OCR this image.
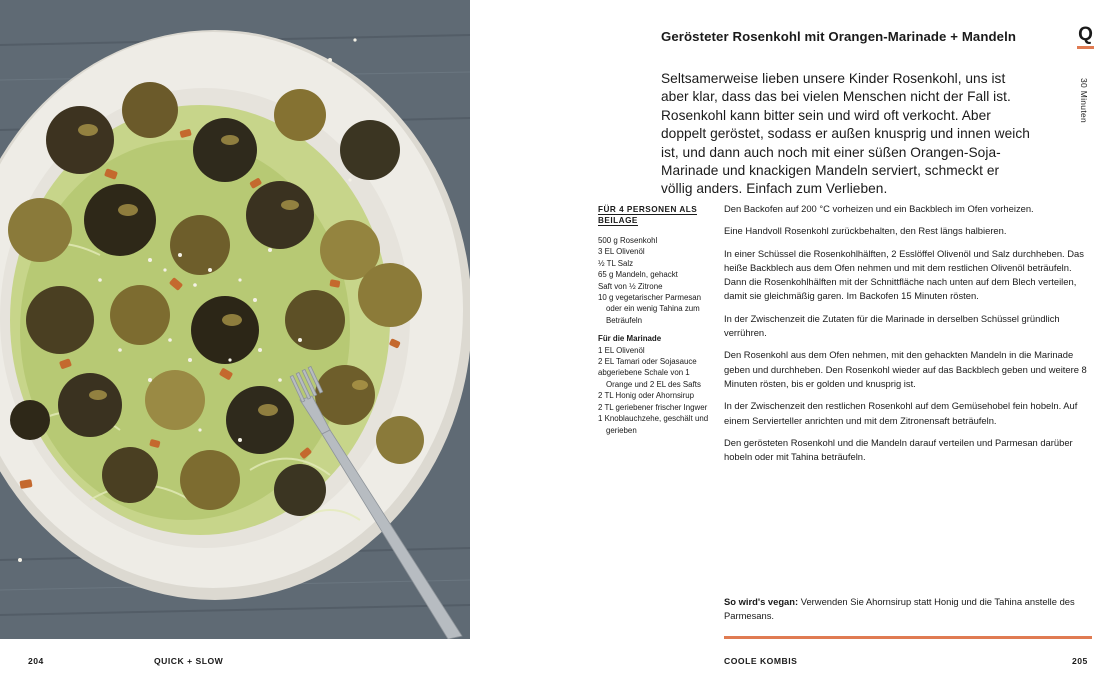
Gerösteter Rosenkohl mit Orangen-Marinade + Mandeln	Q
30 Minuten

Seltsamerweise lieben unsere Kinder Rosenkohl, uns ist aber klar, dass das bei vielen Menschen nicht der Fall ist. Rosenkohl kann bitter sein und wird oft verkocht. Aber doppelt geröstet, sodass er außen knusprig und innen weich ist, und dann auch noch mit einer süßen Orangen-Soja-Marinade und knackigen Mandeln serviert, schmeckt er völlig anders. Einfach zum Verlieben.

FÜR 4 PERSONEN ALS BEILAGE
500 g Rosenkohl
3 EL Olivenöl
½ TL Salz
65 g Mandeln, gehackt
Saft von ½ Zitrone
10 g vegetarischer Parmesan oder ein wenig Tahina zum Beträufeln
Für die Marinade
1 EL Olivenöl
2 EL Tamari oder Sojasauce
abgeriebene Schale von 1 Orange und 2 EL des Safts
2 TL Honig oder Ahornsirup
2 TL geriebener frischer Ingwer
1 Knoblauchzehe, geschält und gerieben

Den Backofen auf 200 °C vorheizen und ein Backblech im Ofen vorheizen.

Eine Handvoll Rosenkohl zurückbehalten, den Rest längs halbieren.

In einer Schüssel die Rosenkohlhälften, 2 Esslöffel Olivenöl und Salz durchheben. Das heiße Backblech aus dem Ofen nehmen und mit dem restlichen Olivenöl beträufeln. Dann die Rosenkohlhälften mit der Schnittfläche nach unten auf dem Blech verteilen, damit sie gleichmäßig garen. Im Backofen 15 Minuten rösten.

In der Zwischenzeit die Zutaten für die Marinade in derselben Schüssel gründlich verrühren.

Den Rosenkohl aus dem Ofen nehmen, mit den gehackten Mandeln in die Marinade geben und durchheben. Den Rosenkohl wieder auf das Backblech geben und weitere 8 Minuten rösten, bis er golden und knusprig ist.

In der Zwischenzeit den restlichen Rosenkohl auf dem Gemüsehobel fein hobeln. Auf einem Servierteller anrichten und mit dem Zitronensaft beträufeln.

Den gerösteten Rosenkohl und die Mandeln darauf verteilen und Parmesan darüber hobeln oder mit Tahina beträufeln.

So wird's vegan: Verwenden Sie Ahornsirup statt Honig und die Tahina anstelle des Parmesans.

204	QUICK + SLOW	COOLE KOMBIS	205
